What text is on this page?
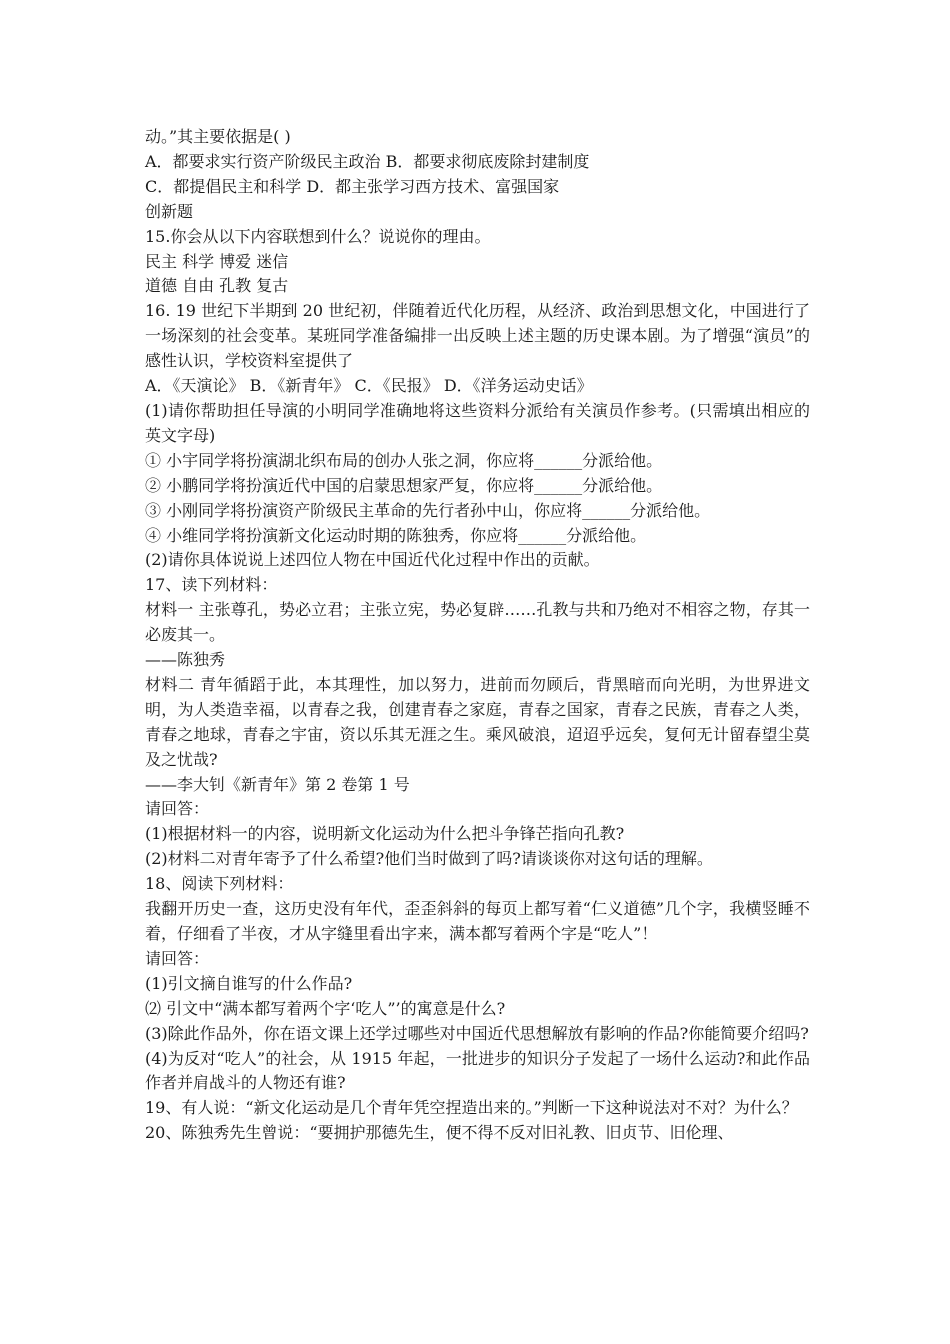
动。”其主要依据是( )

A．都要求实行资产阶级民主政治 B．都要求彻底废除封建制度

C．都提倡民主和科学 D．都主张学习西方技术、富强国家

创新题

15.你会从以下内容联想到什么？说说你的理由。

民主 科学 博爱 迷信

道德 自由 孔教 复古

16. 19 世纪下半期到 20 世纪初，伴随着近代化历程，从经济、政治到思想文化，中国进行了一场深刻的社会变革。某班同学准备编排一出反映上述主题的历史课本剧。为了增强“演员”的感性认识，学校资料室提供了

A．《天演论》 B．《新青年》 C．《民报》 D．《洋务运动史话》

(1)请你帮助担任导演的小明同学准确地将这些资料分派给有关演员作参考。(只需填出相应的英文字母)

① 小宇同学将扮演湖北织布局的创办人张之洞，你应将______分派给他。

② 小鹏同学将扮演近代中国的启蒙思想家严复，你应将______分派给他。

③ 小刚同学将扮演资产阶级民主革命的先行者孙中山，你应将______分派给他。

④ 小维同学将扮演新文化运动时期的陈独秀，你应将______分派给他。

(2)请你具体说说上述四位人物在中国近代化过程中作出的贡献。

17、读下列材料：

材料一 主张尊孔，势必立君；主张立宪，势必复辟……孔教与共和乃绝对不相容之物，存其一必废其一。

——陈独秀

材料二 青年循蹈于此，本其理性，加以努力，进前而勿顾后，背黑暗而向光明，为世界进文明，为人类造幸福，以青春之我，创建青春之家庭，青春之国家，青春之民族，青春之人类，青春之地球，青春之宇宙，资以乐其无涯之生。乘风破浪，迢迢乎远矣，复何无计留春望尘莫及之忧哉?

——李大钊《新青年》第 2 卷第 1 号

请回答：

(1)根据材料一的内容，说明新文化运动为什么把斗争锋芒指向孔教?

(2)材料二对青年寄予了什么希望?他们当时做到了吗?请谈谈你对这句话的理解。

18、阅读下列材料：

我翻开历史一查，这历史没有年代，歪歪斜斜的每页上都写着“仁义道德”几个字，我横竖睡不着，仔细看了半夜，才从字缝里看出字来，满本都写着两个字是“吃人”！

请回答：

(1)引文摘自谁写的什么作品?

⑵ 引文中“满本都写着两个字‘吃人”’的寓意是什么?

(3)除此作品外，你在语文课上还学过哪些对中国近代思想解放有影响的作品?你能简要介绍吗?

(4)为反对“吃人”的社会，从 1915 年起，一批进步的知识分子发起了一场什么运动?和此作品作者并肩战斗的人物还有谁?

19、有人说：“新文化运动是几个青年凭空捏造出来的。”判断一下这种说法对不对？为什么？

20、陈独秀先生曾说：“要拥护那德先生，便不得不反对旧礼教、旧贞节、旧伦理、
